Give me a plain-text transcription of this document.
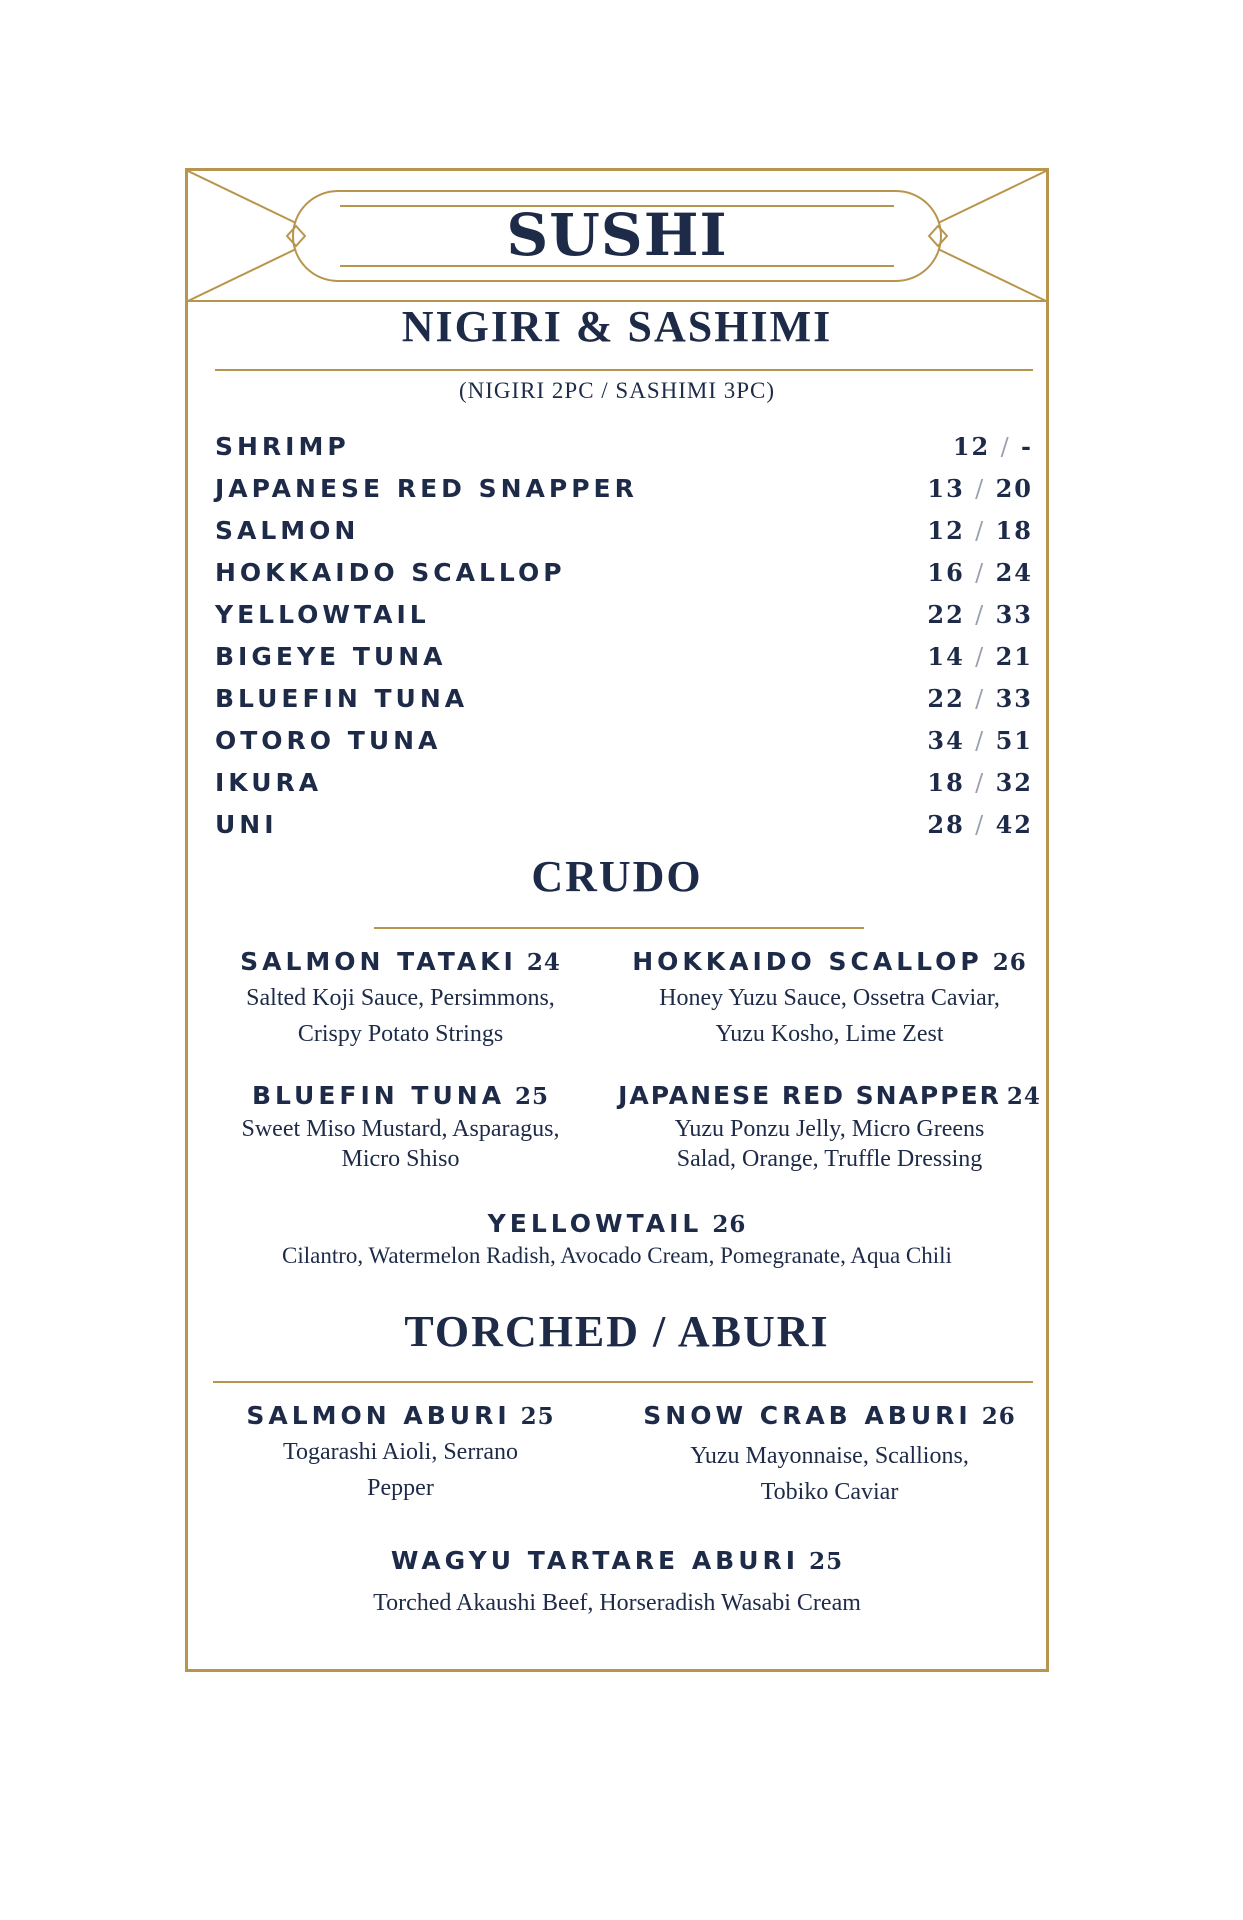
SUSHI
NIGIRI & SASHIMI
(NIGIRI 2PC / SASHIMI 3PC)
SHRIMP	12 / -
JAPANESE RED SNAPPER	13 / 20
SALMON	12 / 18
HOKKAIDO SCALLOP	16 / 24
YELLOWTAIL	22 / 33
BIGEYE TUNA	14 / 21
BLUEFIN TUNA	22 / 33
OTORO TUNA	34 / 51
IKURA	18 / 32
UNI	28 / 42
CRUDO
SALMON TATAKI 24
Salted Koji Sauce, Persimmons,
Crispy Potato Strings
HOKKAIDO SCALLOP 26
Honey Yuzu Sauce, Ossetra Caviar,
Yuzu Kosho, Lime Zest
BLUEFIN TUNA 25
Sweet Miso Mustard, Asparagus,
Micro Shiso
JAPANESE RED SNAPPER 24
Yuzu Ponzu Jelly, Micro Greens
Salad, Orange, Truffle Dressing
YELLOWTAIL 26
Cilantro, Watermelon Radish, Avocado Cream, Pomegranate, Aqua Chili
TORCHED / ABURI
SALMON ABURI 25
Togarashi Aioli, Serrano
Pepper
SNOW CRAB ABURI 26
Yuzu Mayonnaise, Scallions,
Tobiko Caviar
WAGYU TARTARE ABURI 25
Torched Akaushi Beef, Horseradish Wasabi Cream
